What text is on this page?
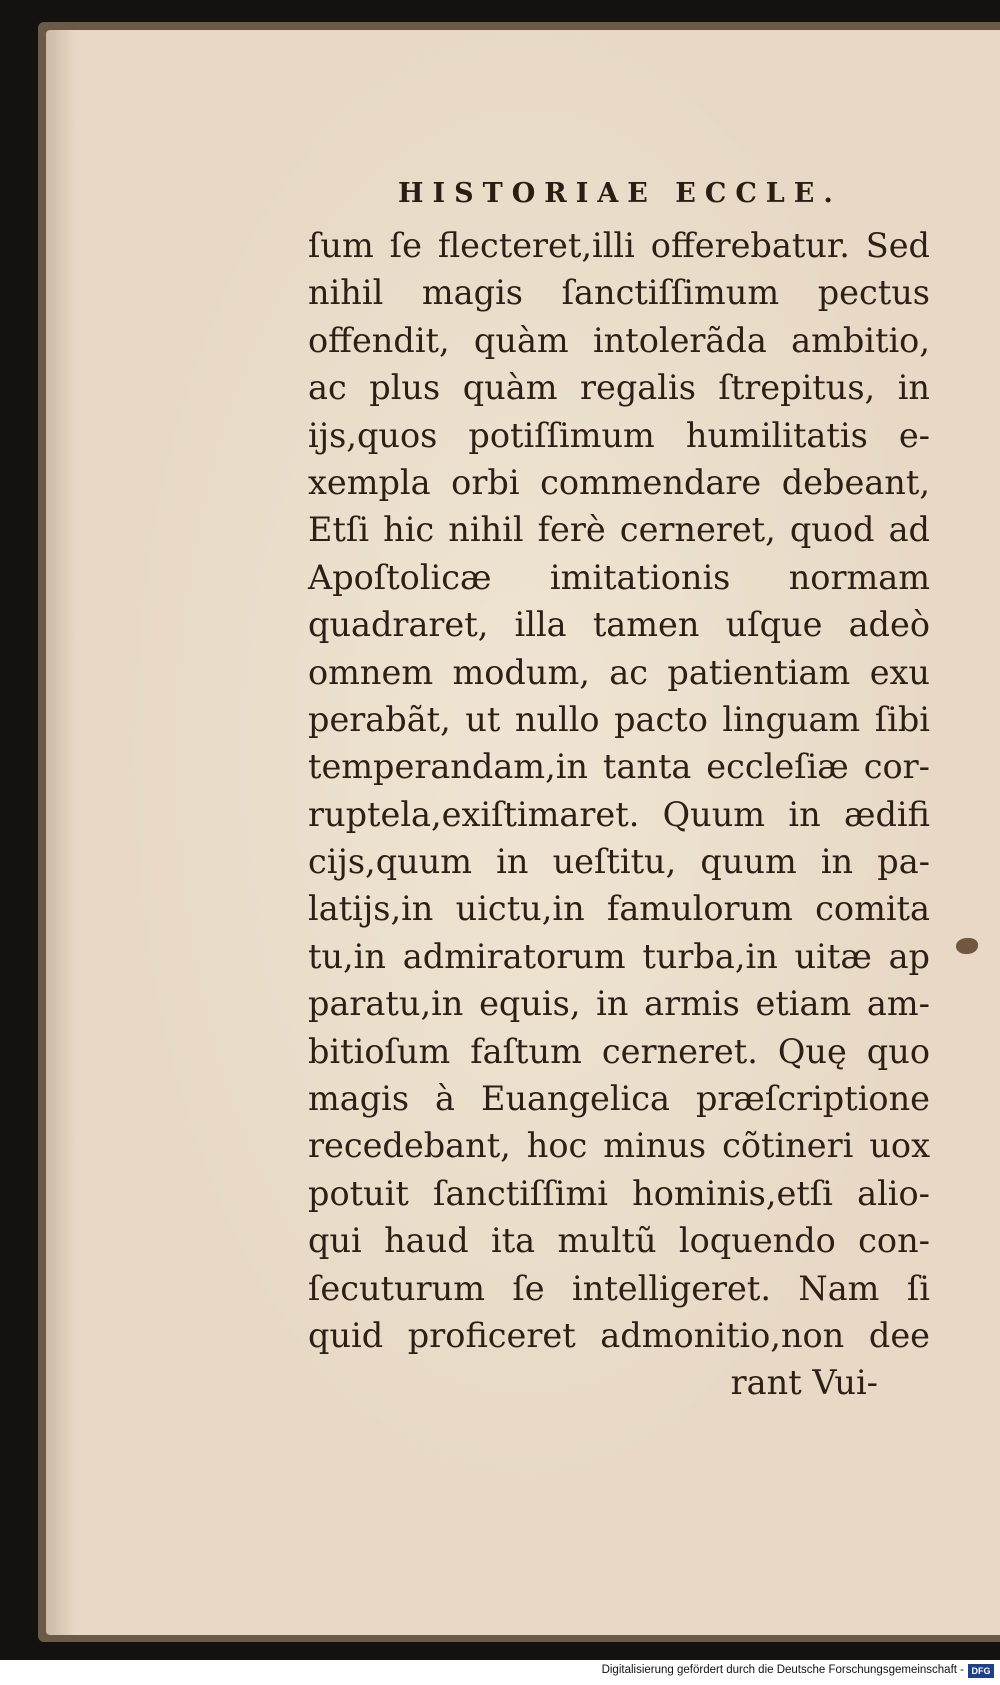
HISTORIAE ECCLE.
ſum ſe flecteret,illi offerebatur. Sed
nihil magis ſanctiſſimum pectus
offendit, quàm intolerãda ambitio,
ac plus quàm regalis ſtrepitus, in
ijs,quos potiſſimum humilitatis e-
xempla orbi commendare debeant,
Etſi hic nihil ferè cerneret, quod ad
Apoſtolicæ imitationis normam
quadraret, illa tamen uſque adeò
omnem modum, ac patientiam exu
perabãt, ut nullo pacto linguam ſibi
temperandam,in tanta eccleſiæ cor-
ruptela,exiſtimaret. Quum in ædifi
cijs,quum in ueſtitu, quum in pa-
latijs,in uictu,in famulorum comita
tu,in admiratorum turba,in uitæ ap
paratu,in equis, in armis etiam am-
bitioſum faſtum cerneret. Quę quo
magis à Euangelica præſcriptione
recedebant, hoc minus cõtineri uox
potuit ſanctiſſimi hominis,etſi alio-
qui haud ita multũ loquendo con-
ſecuturum ſe intelligeret. Nam ſi
quid proficeret admonitio,non dee
rant Vui-
Digitalisierung gefördert durch die Deutsche Forschungsgemeinschaft - DFG
